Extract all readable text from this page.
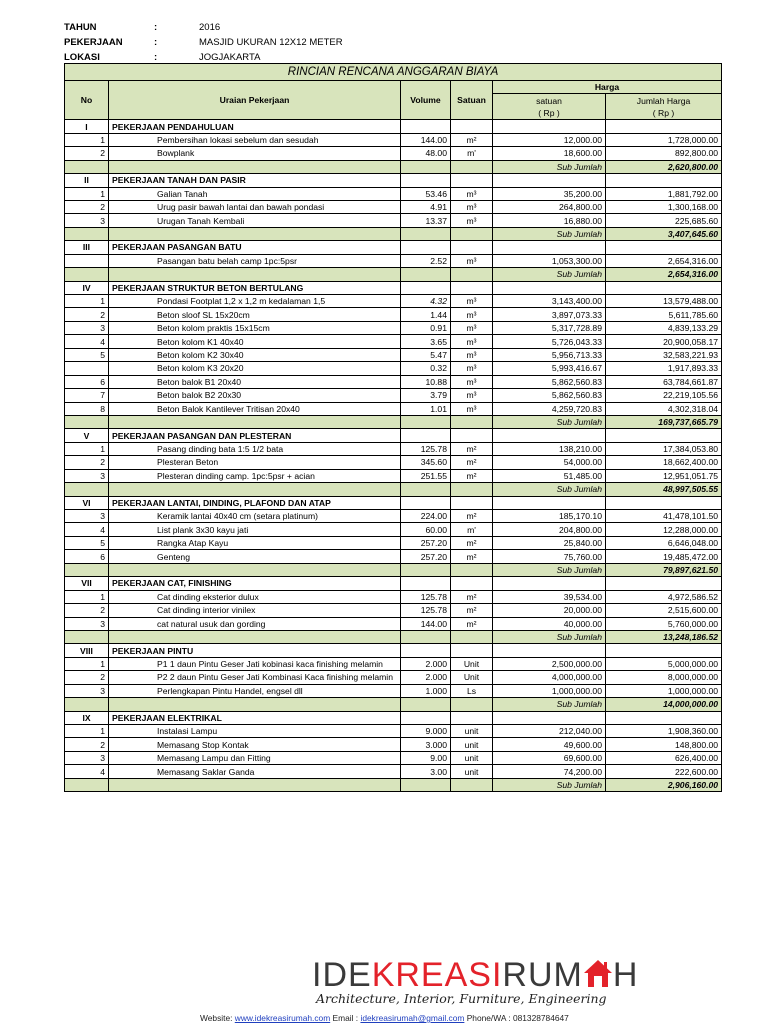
TAHUN	:	2016
PEKERJAAN	:	MASJID UKURAN 12X12 METER
LOKASI	:	JOGJAKARTA
RINCIAN RENCANA ANGGARAN BIAYA					
No	Uraian Pekerjaan	Volume	Satuan	Harga	
				satuan	Jumlah Harga
				( Rp )	( Rp )
I	PEKERJAAN PENDAHULUAN				
1	Pembersihan lokasi sebelum dan sesudah	144.00	m²	12,000.00	1,728,000.00
2	Bowplank	48.00	m'	18,600.00	892,800.00
				Sub Jumlah	2,620,800.00
II	PEKERJAAN TANAH DAN PASIR				
1	Galian Tanah	53.46	m³	35,200.00	1,881,792.00
2	Urug pasir bawah lantai dan bawah pondasi	4.91	m³	264,800.00	1,300,168.00
3	Urugan Tanah Kembali	13.37	m³	16,880.00	225,685.60
				Sub Jumlah	3,407,645.60
III	PEKERJAAN PASANGAN BATU				
	Pasangan batu belah camp 1pc:5psr	2.52	m³	1,053,300.00	2,654,316.00
				Sub Jumlah	2,654,316.00
IV	PEKERJAAN STRUKTUR BETON BERTULANG				
1	Pondasi Footplat 1,2 x 1,2 m kedalaman 1,5	4.32	m³	3,143,400.00	13,579,488.00
2	Beton sloof SL 15x20cm	1.44	m³	3,897,073.33	5,611,785.60
3	Beton kolom praktis 15x15cm	0.91	m³	5,317,728.89	4,839,133.29
4	Beton kolom K1 40x40	3.65	m³	5,726,043.33	20,900,058.17
5	Beton kolom K2 30x40	5.47	m³	5,956,713.33	32,583,221.93
	Beton kolom K3 20x20	0.32	m³	5,993,416.67	1,917,893.33
6	Beton balok B1 20x40	10.88	m³	5,862,560.83	63,784,661.87
7	Beton balok B2 20x30	3.79	m³	5,862,560.83	22,219,105.56
8	Beton Balok Kantilever Tritisan 20x40	1.01	m³	4,259,720.83	4,302,318.04
				Sub Jumlah	169,737,665.79
V	PEKERJAAN PASANGAN DAN PLESTERAN				
1	Pasang dinding bata 1:5 1/2 bata	125.78	m²	138,210.00	17,384,053.80
2	Plesteran Beton	345.60	m²	54,000.00	18,662,400.00
3	Plesteran dinding camp. 1pc:5psr + acian	251.55	m²	51,485.00	12,951,051.75
				Sub Jumlah	48,997,505.55
VI	PEKERJAAN LANTAI, DINDING, PLAFOND DAN ATAP				
3	Keramik lantai 40x40 cm (setara platinum)	224.00	m²	185,170.10	41,478,101.50
4	List plank 3x30 kayu jati	60.00	m'	204,800.00	12,288,000.00
5	Rangka Atap Kayu	257.20	m²	25,840.00	6,646,048.00
6	Genteng	257.20	m²	75,760.00	19,485,472.00
				Sub Jumlah	79,897,621.50
VII	PEKERJAAN CAT, FINISHING				
1	Cat dinding eksterior dulux	125.78	m²	39,534.00	4,972,586.52
2	Cat dinding interior vinilex	125.78	m²	20,000.00	2,515,600.00
3	cat natural usuk dan gording	144.00	m²	40,000.00	5,760,000.00
				Sub Jumlah	13,248,186.52
VIII	PEKERJAAN PINTU				
1	P1 1 daun Pintu Geser Jati kobinasi kaca finishing melamin	2.000	Unit	2,500,000.00	5,000,000.00
2	P2 2 daun Pintu Geser Jati Kombinasi Kaca finishing melamin	2.000	Unit	4,000,000.00	8,000,000.00
3	Perlengkapan Pintu Handel, engsel dll	1.000	Ls	1,000,000.00	1,000,000.00
				Sub Jumlah	14,000,000.00
IX	PEKERJAAN ELEKTRIKAL				
1	Instalasi Lampu	9.000	unit	212,040.00	1,908,360.00
2	Memasang Stop Kontak	3.000	unit	49,600.00	148,800.00
3	Memasang Lampu dan Fitting	9.00	unit	69,600.00	626,400.00
4	Memasang Saklar Ganda	3.00	unit	74,200.00	222,600.00
				Sub Jumlah	2,906,160.00
IDEKREASIRUM H
Architecture, Interior, Furniture, Engineering
Website: www.idekreasirumah.com Email : idekreasirumah@gmail.com Phone/WA : 081328784647
